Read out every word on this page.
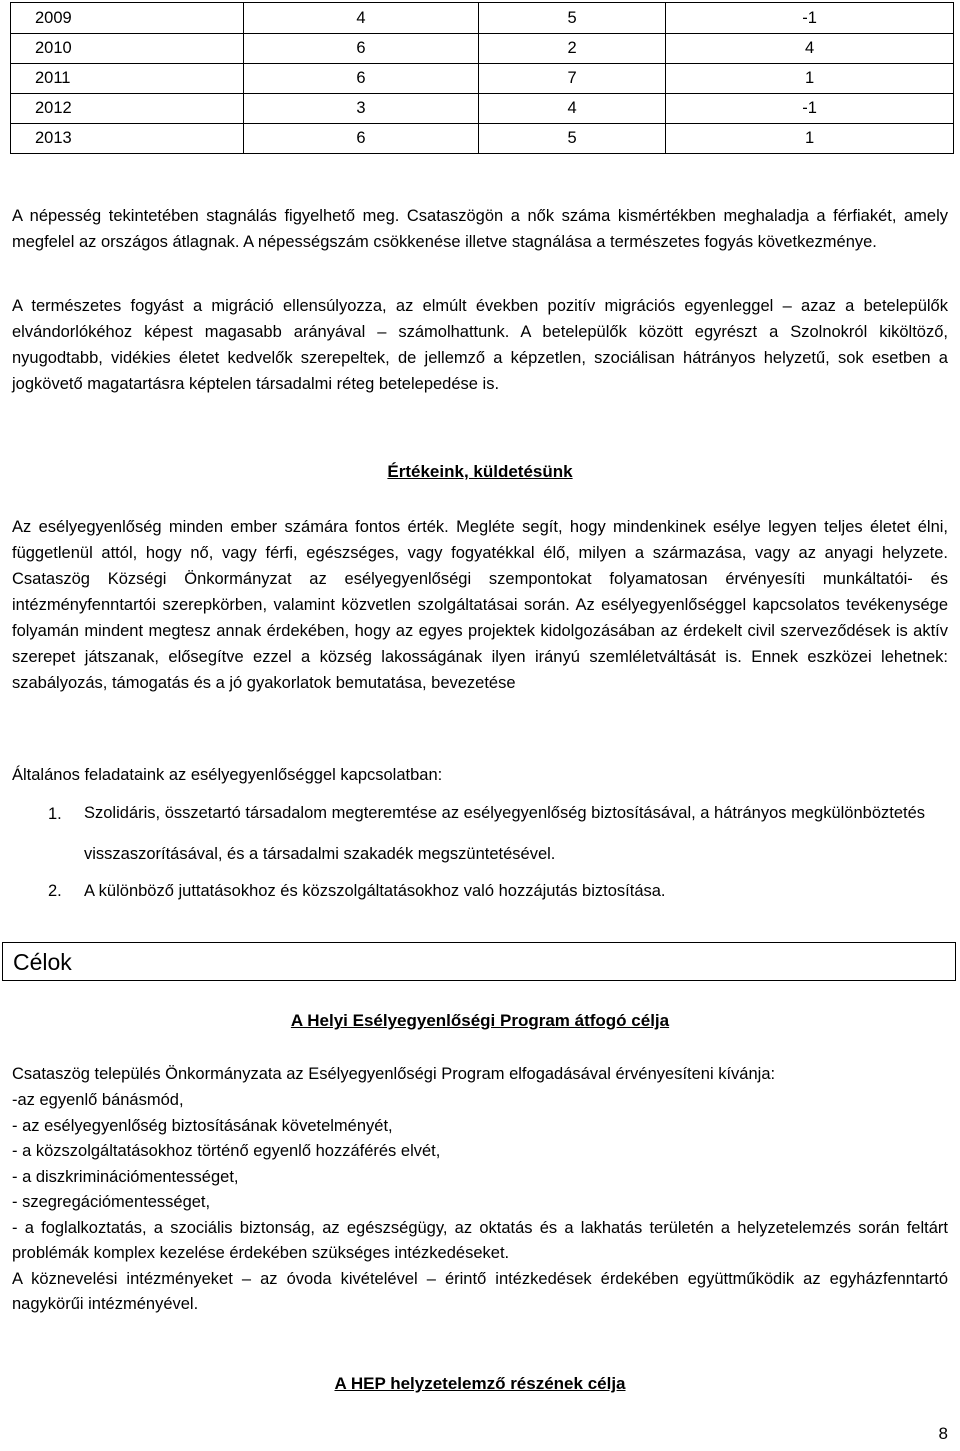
2009	4	5	-1
2010	6	2	4
2011	6	7	1
2012	3	4	-1
2013	6	5	1

A népesség tekintetében stagnálás figyelhető meg. Csataszögön a nők száma kismértékben meghaladja a férfiakét, amely megfelel az országos átlagnak. A népességszám csökkenése illetve stagnálása a természetes fogyás következménye.

A természetes fogyást a migráció ellensúlyozza, az elmúlt években pozitív migrációs egyenleggel – azaz a betelepülők elvándorlókéhoz képest magasabb arányával – számolhattunk. A betelepülők között egyrészt a Szolnokról kiköltöző, nyugodtabb, vidékies életet kedvelők szerepeltek, de jellemző a képzetlen, szociálisan hátrányos helyzetű, sok esetben a jogkövető magatartásra képtelen társadalmi réteg betelepedése is.

Értékeink, küldetésünk

Az esélyegyenlőség minden ember számára fontos érték. Megléte segít, hogy mindenkinek esélye legyen teljes életet élni, függetlenül attól, hogy nő, vagy férfi, egészséges, vagy fogyatékkal élő, milyen a származása, vagy az anyagi helyzete. Csataszög Községi Önkormányzat az esélyegyenlőségi szempontokat folyamatosan érvényesíti munkáltatói- és intézményfenntartói szerepkörben, valamint közvetlen szolgáltatásai során. Az esélyegyenlőséggel kapcsolatos tevékenysége folyamán mindent megtesz annak érdekében, hogy az egyes projektek kidolgozásában az érdekelt civil szerveződések is aktív szerepet játszanak, elősegítve ezzel a község lakosságának ilyen irányú szemléletváltását is. Ennek eszközei lehetnek: szabályozás, támogatás és a jó gyakorlatok bemutatása, bevezetése

Általános feladataink az esélyegyenlőséggel kapcsolatban:

1.	Szolidáris, összetartó társadalom megteremtése az esélyegyenlőség biztosításával, a hátrányos megkülönböztetés visszaszorításával, és a társadalmi szakadék megszüntetésével.
2.	A különböző juttatásokhoz és közszolgáltatásokhoz való hozzájutás biztosítása.
Célok

A Helyi Esélyegyenlőségi Program átfogó célja

Csataszög település Önkormányzata az Esélyegyenlőségi Program elfogadásával érvényesíteni kívánja:

-az egyenlő bánásmód,
- az esélyegyenlőség biztosításának követelményét,
- a közszolgáltatásokhoz történő egyenlő hozzáférés elvét,
- a diszkriminációmentességet,
- szegregációmentességet,
- a foglalkoztatás, a szociális biztonság, az egészségügy, az oktatás és a lakhatás területén a helyzetelemzés során feltárt problémák komplex kezelése érdekében szükséges intézkedéseket.
A köznevelési intézményeket – az óvoda kivételével – érintő intézkedések érdekében együttműködik az egyházfenntartó nagykörűi intézményével.

A HEP helyzetelemző részének célja

8
